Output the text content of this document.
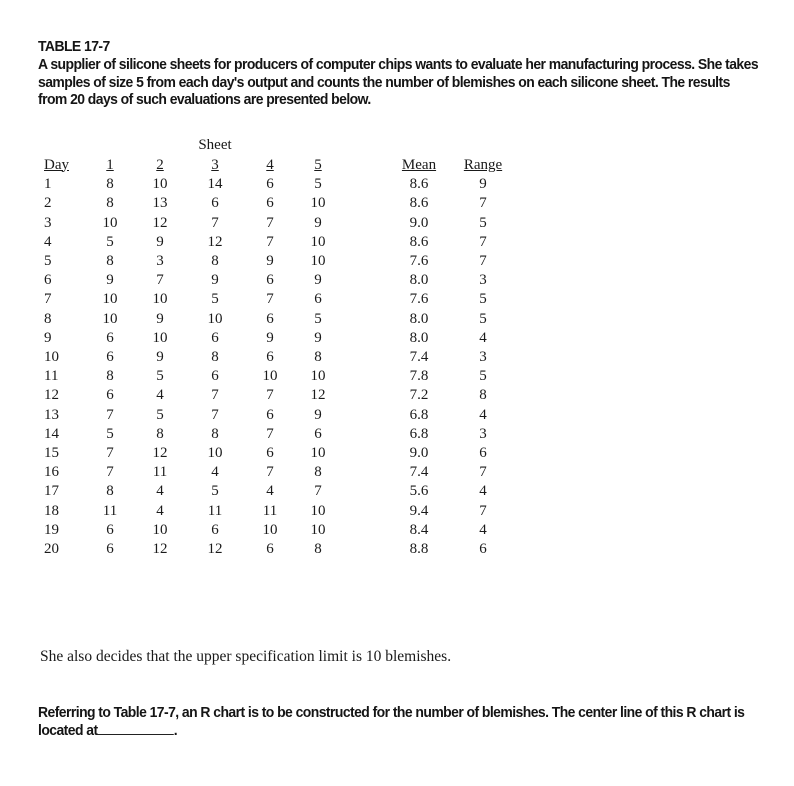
TABLE 17-7

A supplier of silicone sheets for producers of computer chips wants to evaluate her manufacturing process. She takes samples of size 5 from each day's output and counts the number of blemishes on each silicone sheet. The results from 20 days of such evaluations are presented below.

			Sheet					
Day	1	2	3	4	5		Mean	Range
1	8	10	14	6	5		8.6	9
2	8	13	6	6	10		8.6	7
3	10	12	7	7	9		9.0	5
4	5	9	12	7	10		8.6	7
5	8	3	8	9	10		7.6	7
6	9	7	9	6	9		8.0	3
7	10	10	5	7	6		7.6	5
8	10	9	10	6	5		8.0	5
9	6	10	6	9	9		8.0	4
10	6	9	8	6	8		7.4	3
11	8	5	6	10	10		7.8	5
12	6	4	7	7	12		7.2	8
13	7	5	7	6	9		6.8	4
14	5	8	8	7	6		6.8	3
15	7	12	10	6	10		9.0	6
16	7	11	4	7	8		7.4	7
17	8	4	5	4	7		5.6	4
18	11	4	11	11	10		9.4	7
19	6	10	6	10	10		8.4	4
20	6	12	12	6	8		8.8	6

She also decides that the upper specification limit is 10 blemishes.

Referring to Table 17-7, an R chart is to be constructed for the number of blemishes. The center line of this R chart is located at	.
